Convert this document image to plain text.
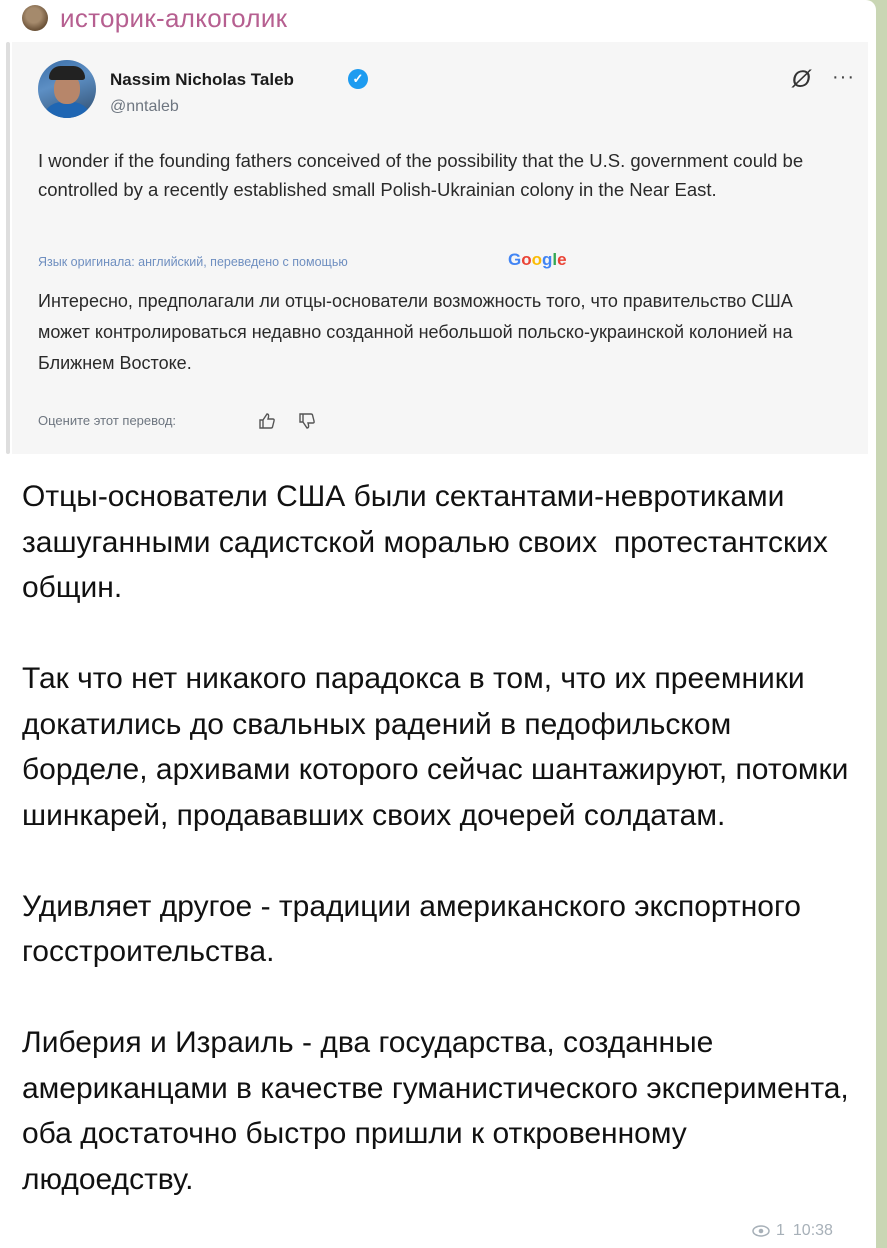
историк-алкоголик
Nassim Nicholas Taleb	✓
@nntaleb
Ø ···
I wonder if the founding fathers conceived of the possibility that the U.S. government could be controlled by a recently established small Polish-Ukrainian colony in the Near East.
Язык оригинала: английский, переведено с помощью	Google
Интересно, предполагали ли отцы-основатели возможность того, что правительство США может контролироваться недавно созданной небольшой польско-украинской колонией на Ближнем Востоке.
Оцените этот перевод:
Отцы-основатели США были сектантами-невротиками зашуганными садистской моралью своих  протестантских общин.

Так что нет никакого парадокса в том, что их преемники докатились до свальных радений в педофильском борделе, архивами которого сейчас шантажируют, потомки шинкарей, продававших своих дочерей солдатам.

Удивляет другое - традиции американского экспортного госстроительства.

Либерия и Израиль - два государства, созданные американцами в качестве гуманистического эксперимента, оба достаточно быстро пришли к откровенному людоедству.
1 10:38
